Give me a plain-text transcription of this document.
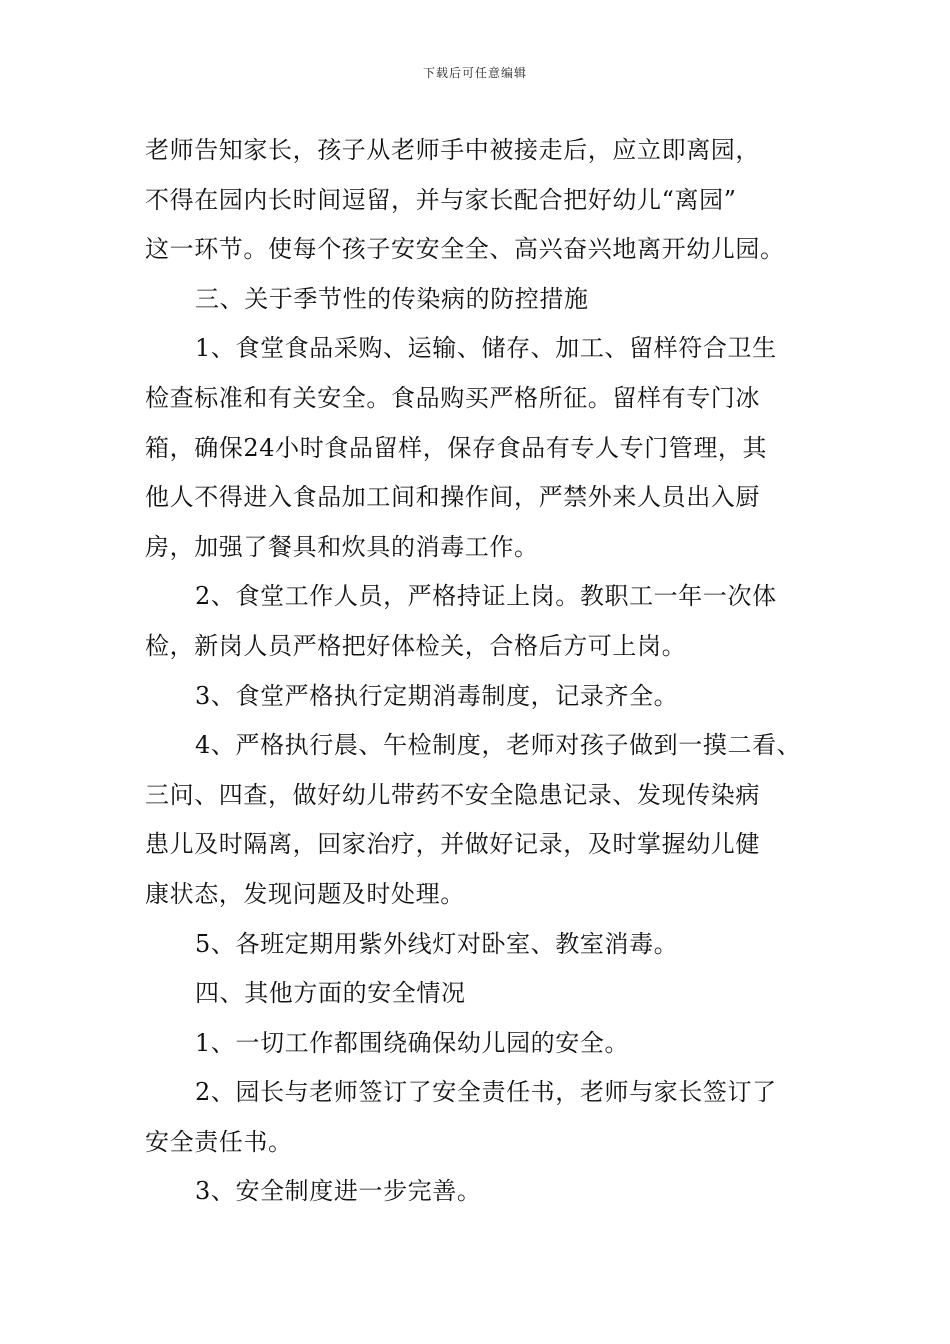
下载后可任意编辑
老师告知家长，孩子从老师手中被接走后，应立即离园，
不得在园内长时间逗留，并与家长配合把好幼儿“离园”
这一环节。使每个孩子安安全全、高兴奋兴地离开幼儿园。
三、关于季节性的传染病的防控措施
1、食堂食品采购、运输、储存、加工、留样符合卫生
检查标准和有关安全。食品购买严格所征。留样有专门冰
箱，确保24小时食品留样，保存食品有专人专门管理，其
他人不得进入食品加工间和操作间，严禁外来人员出入厨
房，加强了餐具和炊具的消毒工作。
2、食堂工作人员，严格持证上岗。教职工一年一次体
检，新岗人员严格把好体检关，合格后方可上岗。
3、食堂严格执行定期消毒制度，记录齐全。
4、严格执行晨、午检制度，老师对孩子做到一摸二看、
三问、四查，做好幼儿带药不安全隐患记录、发现传染病
患儿及时隔离，回家治疗，并做好记录，及时掌握幼儿健
康状态，发现问题及时处理。
5、各班定期用紫外线灯对卧室、教室消毒。
四、其他方面的安全情况
1、一切工作都围绕确保幼儿园的安全。
2、园长与老师签订了安全责任书，老师与家长签订了
安全责任书。
3、安全制度进一步完善。
